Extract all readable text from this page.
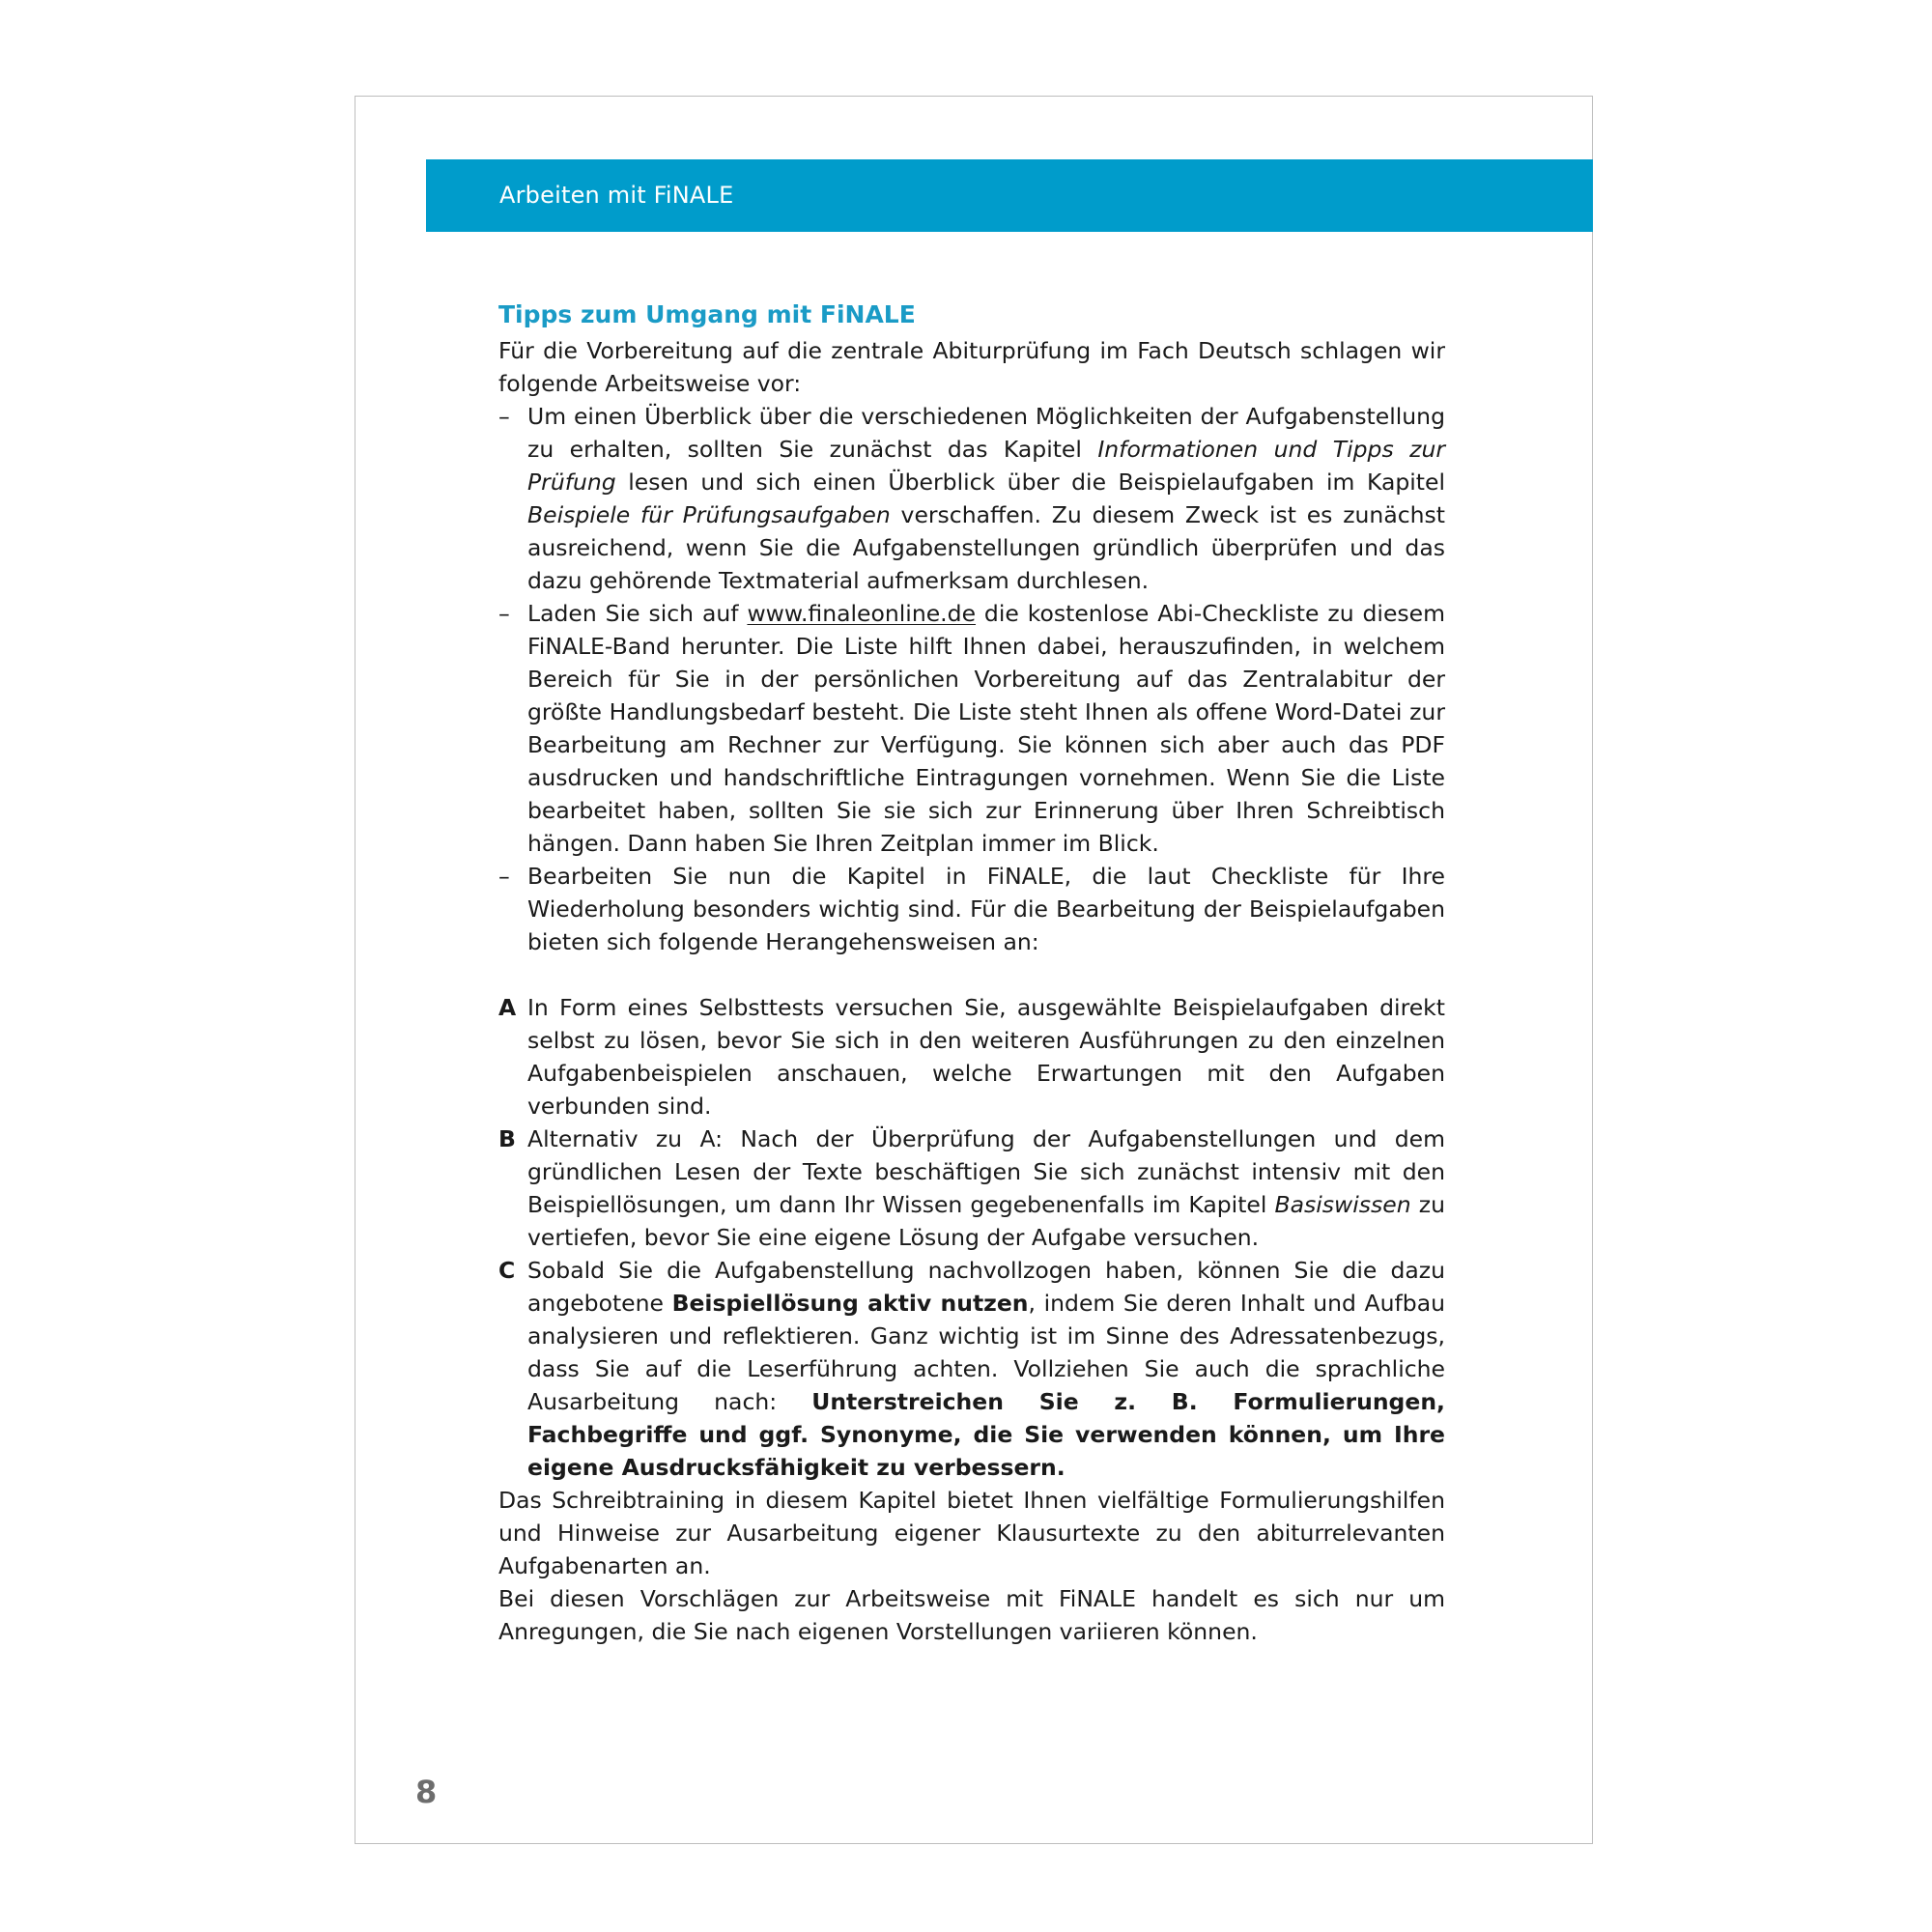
Arbeiten mit FiNALE
Tipps zum Umgang mit FiNALE

Für die Vorbereitung auf die zentrale Abiturprüfung im Fach Deutsch schlagen wir folgende Arbeitsweise vor:

– Um einen Überblick über die verschiedenen Möglichkeiten der Aufgabenstellung zu erhalten, sollten Sie zunächst das Kapitel Informationen und Tipps zur Prüfung lesen und sich einen Überblick über die Beispielaufgaben im Kapitel Beispiele für Prüfungsaufgaben verschaffen. Zu diesem Zweck ist es zunächst ausreichend, wenn Sie die Aufgabenstellungen gründlich überprüfen und das dazu gehörende Textmaterial aufmerksam durchlesen.
– Laden Sie sich auf www.finaleonline.de die kostenlose Abi-Checkliste zu diesem FiNALE-Band herunter. Die Liste hilft Ihnen dabei, herauszufinden, in welchem Bereich für Sie in der persönlichen Vorbereitung auf das Zentralabitur der größte Handlungsbedarf besteht. Die Liste steht Ihnen als offene Word-Datei zur Bearbeitung am Rechner zur Verfügung. Sie können sich aber auch das PDF ausdrucken und handschriftliche Eintragungen vornehmen. Wenn Sie die Liste bearbeitet haben, sollten Sie sie sich zur Erinnerung über Ihren Schreibtisch hängen. Dann haben Sie Ihren Zeitplan immer im Blick.
– Bearbeiten Sie nun die Kapitel in FiNALE, die laut Checkliste für Ihre Wiederholung besonders wichtig sind. Für die Bearbeitung der Beispielaufgaben bieten sich folgende Herangehensweisen an:
A In Form eines Selbsttests versuchen Sie, ausgewählte Beispielaufgaben direkt selbst zu lösen, bevor Sie sich in den weiteren Ausführungen zu den einzelnen Aufgabenbeispielen anschauen, welche Erwartungen mit den Aufgaben verbunden sind.
B Alternativ zu A: Nach der Überprüfung der Aufgabenstellungen und dem gründlichen Lesen der Texte beschäftigen Sie sich zunächst intensiv mit den Beispiellösungen, um dann Ihr Wissen gegebenenfalls im Kapitel Basiswissen zu vertiefen, bevor Sie eine eigene Lösung der Aufgabe versuchen.
C Sobald Sie die Aufgabenstellung nachvollzogen haben, können Sie die dazu angebotene Beispiellösung aktiv nutzen, indem Sie deren Inhalt und Aufbau analysieren und reflektieren. Ganz wichtig ist im Sinne des Adressatenbezugs, dass Sie auf die Leserführung achten. Vollziehen Sie auch die sprachliche Ausarbeitung nach: Unterstreichen Sie z. B. Formulierungen, Fachbegriffe und ggf. Synonyme, die Sie verwenden können, um Ihre eigene Ausdrucksfähigkeit zu verbessern.

Das Schreibtraining in diesem Kapitel bietet Ihnen vielfältige Formulierungshilfen und Hinweise zur Ausarbeitung eigener Klausurtexte zu den abiturrelevanten Aufgabenarten an.

Bei diesen Vorschlägen zur Arbeitsweise mit FiNALE handelt es sich nur um Anregungen, die Sie nach eigenen Vorstellungen variieren können.

8
